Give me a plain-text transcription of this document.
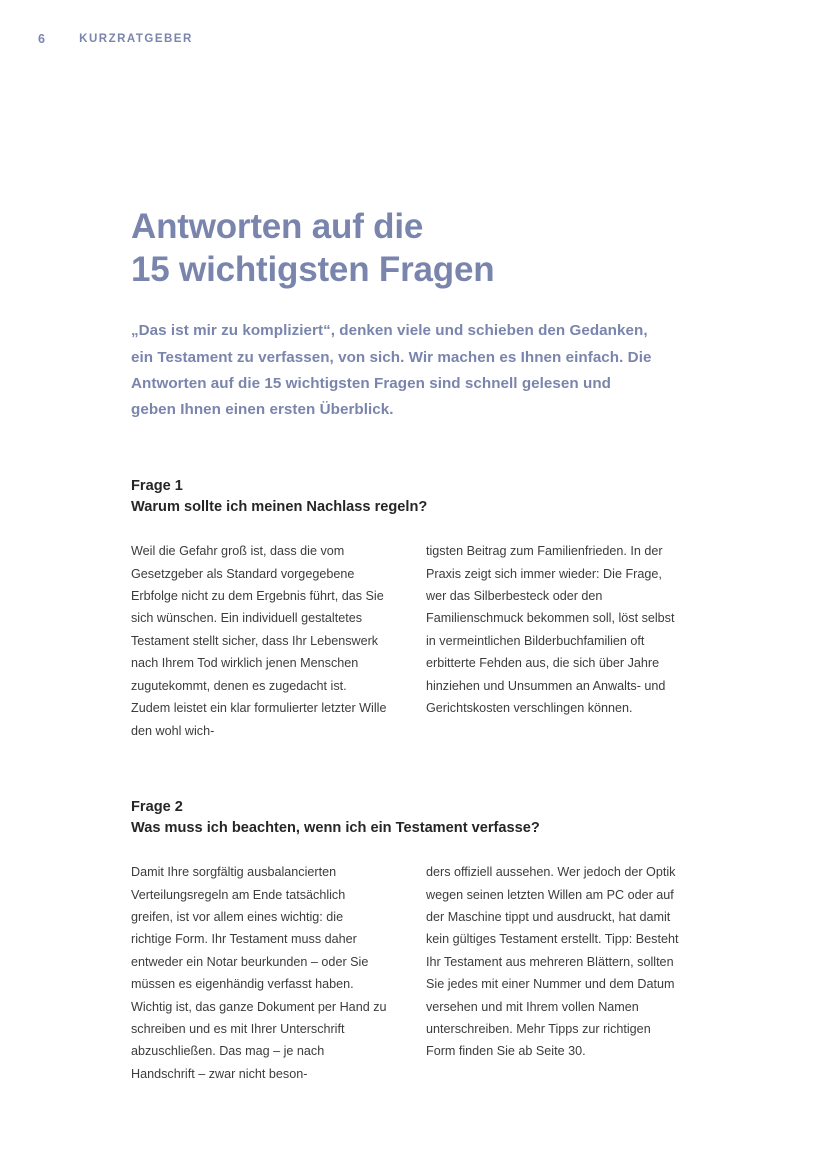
6	KURZRATGEBER
Antworten auf die
15 wichtigsten Fragen

„Das ist mir zu kompliziert“, denken viele und schieben den Gedanken, ein Testament zu verfassen, von sich. Wir machen es Ihnen einfach. Die Antworten auf die 15 wichtigsten Fragen sind schnell gelesen und geben Ihnen einen ersten Überblick.

Frage 1
Warum sollte ich meinen Nachlass regeln?
Weil die Gefahr groß ist, dass die vom Gesetzgeber als Standard vorgegebene Erbfolge nicht zu dem Ergebnis führt, das Sie sich wünschen. Ein individuell gestaltetes Testament stellt sicher, dass Ihr Lebenswerk nach Ihrem Tod wirklich jenen Menschen zugutekommt, denen es zugedacht ist. Zudem leistet ein klar formulierter letzter Wille den wohl wich-
tigsten Beitrag zum Familienfrieden. In der Praxis zeigt sich immer wieder: Die Frage, wer das Silberbesteck oder den Familienschmuck bekommen soll, löst selbst in vermeintlichen Bilderbuchfamilien oft erbitterte Fehden aus, die sich über Jahre hinziehen und Unsummen an Anwalts- und Gerichtskosten verschlingen können.
Frage 2
Was muss ich beachten, wenn ich ein Testament verfasse?
Damit Ihre sorgfältig ausbalancierten Verteilungsregeln am Ende tatsächlich greifen, ist vor allem eines wichtig: die richtige Form. Ihr Testament muss daher entweder ein Notar beurkunden – oder Sie müssen es eigenhändig verfasst haben. Wichtig ist, das ganze Dokument per Hand zu schreiben und es mit Ihrer Unterschrift abzuschließen. Das mag – je nach Handschrift – zwar nicht beson-
ders offiziell aussehen. Wer jedoch der Optik wegen seinen letzten Willen am PC oder auf der Maschine tippt und ausdruckt, hat damit kein gültiges Testament erstellt. Tipp: Besteht Ihr Testament aus mehreren Blättern, sollten Sie jedes mit einer Nummer und dem Datum versehen und mit Ihrem vollen Namen unterschreiben. Mehr Tipps zur richtigen Form finden Sie ab Seite 30.
